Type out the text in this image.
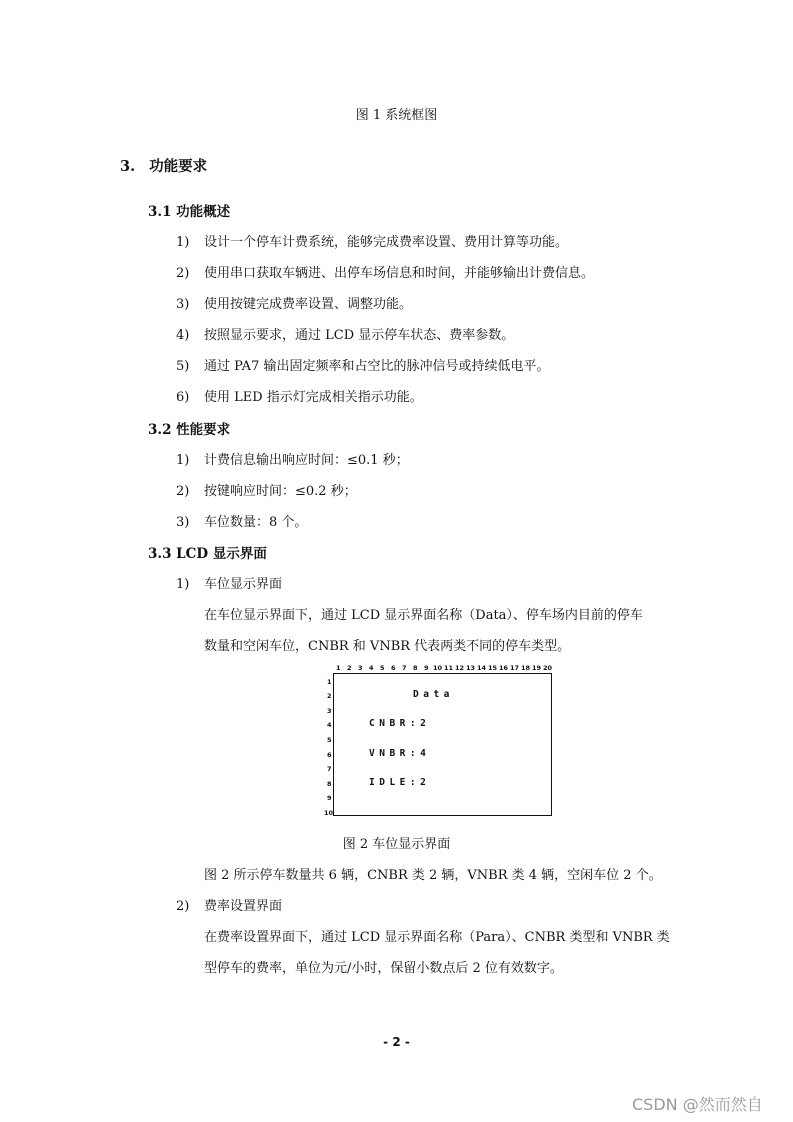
图 1 系统框图
3. 功能要求
3.1 功能概述
1) 设计一个停车计费系统，能够完成费率设置、费用计算等功能。
2) 使用串口获取车辆进、出停车场信息和时间，并能够输出计费信息。
3) 使用按键完成费率设置、调整功能。
4) 按照显示要求，通过 LCD 显示停车状态、费率参数。
5) 通过 PA7 输出固定频率和占空比的脉冲信号或持续低电平。
6) 使用 LED 指示灯完成相关指示功能。
3.2 性能要求
1) 计费信息输出响应时间：≤0.1 秒；
2) 按键响应时间：≤0.2 秒；
3) 车位数量：8 个。
3.3 LCD 显示界面
1) 车位显示界面
在车位显示界面下，通过 LCD 显示界面名称（Data）、停车场内目前的停车
数量和空闲车位，CNBR 和 VNBR 代表两类不同的停车类型。
1 2 3 4 5 6 7 8 9 10 11 12 13 14 15 16 17 18 19 20
1
2
3
4
5
6
7
8
9
10
Data
CNBR:2
VNBR:4
IDLE:2
图 2 车位显示界面
图 2 所示停车数量共 6 辆，CNBR 类 2 辆，VNBR 类 4 辆，空闲车位 2 个。
2) 费率设置界面
在费率设置界面下，通过 LCD 显示界面名称（Para）、CNBR 类型和 VNBR 类
型停车的费率，单位为元/小时，保留小数点后 2 位有效数字。
- 2 -
CSDN @然而然自
